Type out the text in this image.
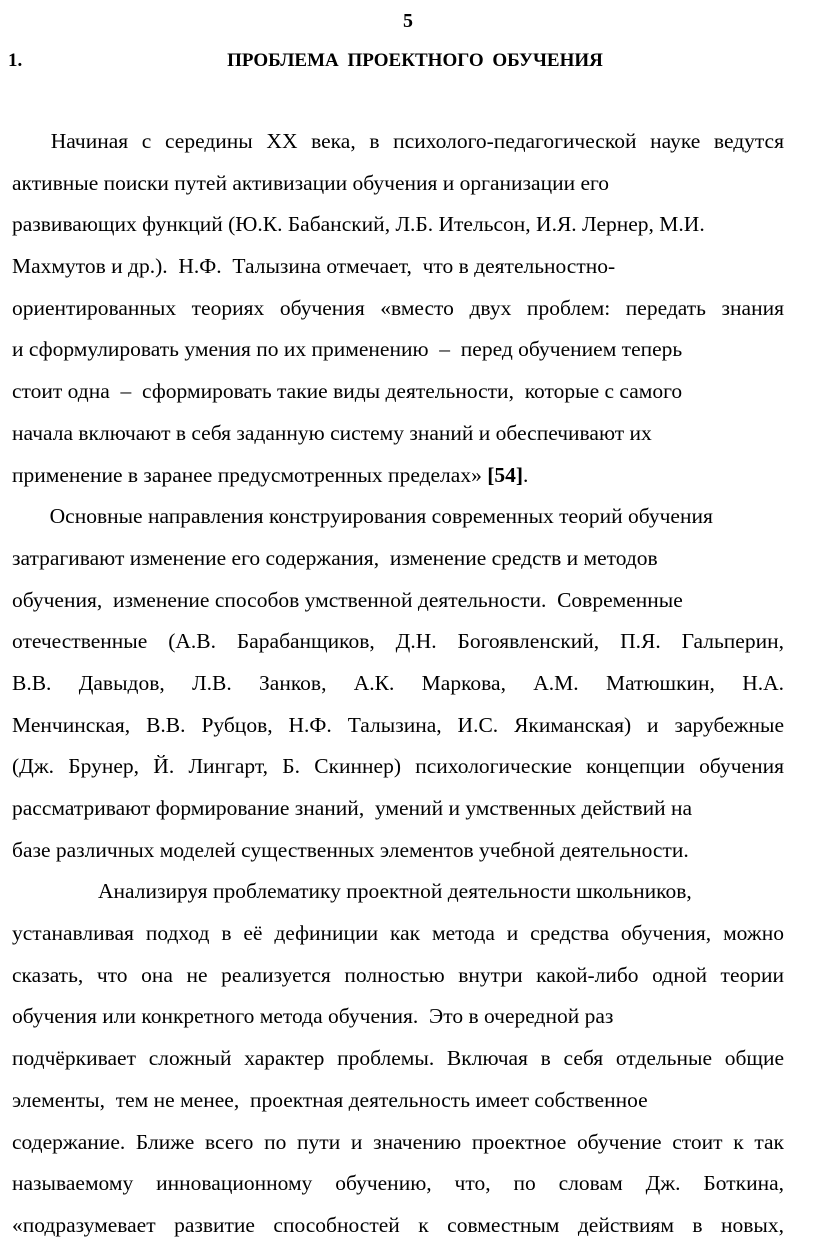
5
1.	ПРОБЛЕМА ПРОЕКТНОГО ОБУЧЕНИЯ
Начиная с середины XX века, в психолого-педагогической науке ведутся
активные поиски путей активизации обучения и организации его
развивающих функций (Ю.К. Бабанский, Л.Б. Ительсон, И.Я. Лернер, М.И.
Махмутов и др.).  Н.Ф.  Талызина отмечает,  что в деятельностно-
ориентированных теориях обучения «вместо двух проблем: передать знания
и сформулировать умения по их применению  –  перед обучением теперь
стоит одна  –  сформировать такие виды деятельности,  которые с самого
начала включают в себя заданную систему знаний и обеспечивают их
применение в заранее предусмотренных пределах» [54].
Основные направления конструирования современных теорий обучения
затрагивают изменение его содержания,  изменение средств и методов
обучения,  изменение способов умственной деятельности.  Современные
отечественные (А.В. Барабанщиков, Д.Н. Богоявленский, П.Я. Гальперин,
В.В. Давыдов, Л.В. Занков, А.К. Маркова, А.М. Матюшкин, Н.А.
Менчинская, В.В. Рубцов, Н.Ф. Талызина, И.С. Якиманская) и зарубежные
(Дж. Брунер, Й. Лингарт, Б. Скиннер) психологические концепции обучения
рассматривают формирование знаний,  умений и умственных действий на
базе различных моделей существенных элементов учебной деятельности.
Анализируя проблематику проектной деятельности школьников,
устанавливая подход в её дефиниции как метода и средства обучения, можно
сказать, что она не реализуется полностью внутри какой-либо одной теории
обучения или конкретного метода обучения.  Это в очередной раз
подчёркивает сложный характер проблемы. Включая в себя отдельные общие
элементы,  тем не менее,  проектная деятельность имеет собственное
содержание. Ближе всего по пути и значению проектное обучение стоит к так
называемому инновационному обучению, что, по словам Дж. Боткина,
«подразумевает развитие способностей к совместным действиям в новых,
